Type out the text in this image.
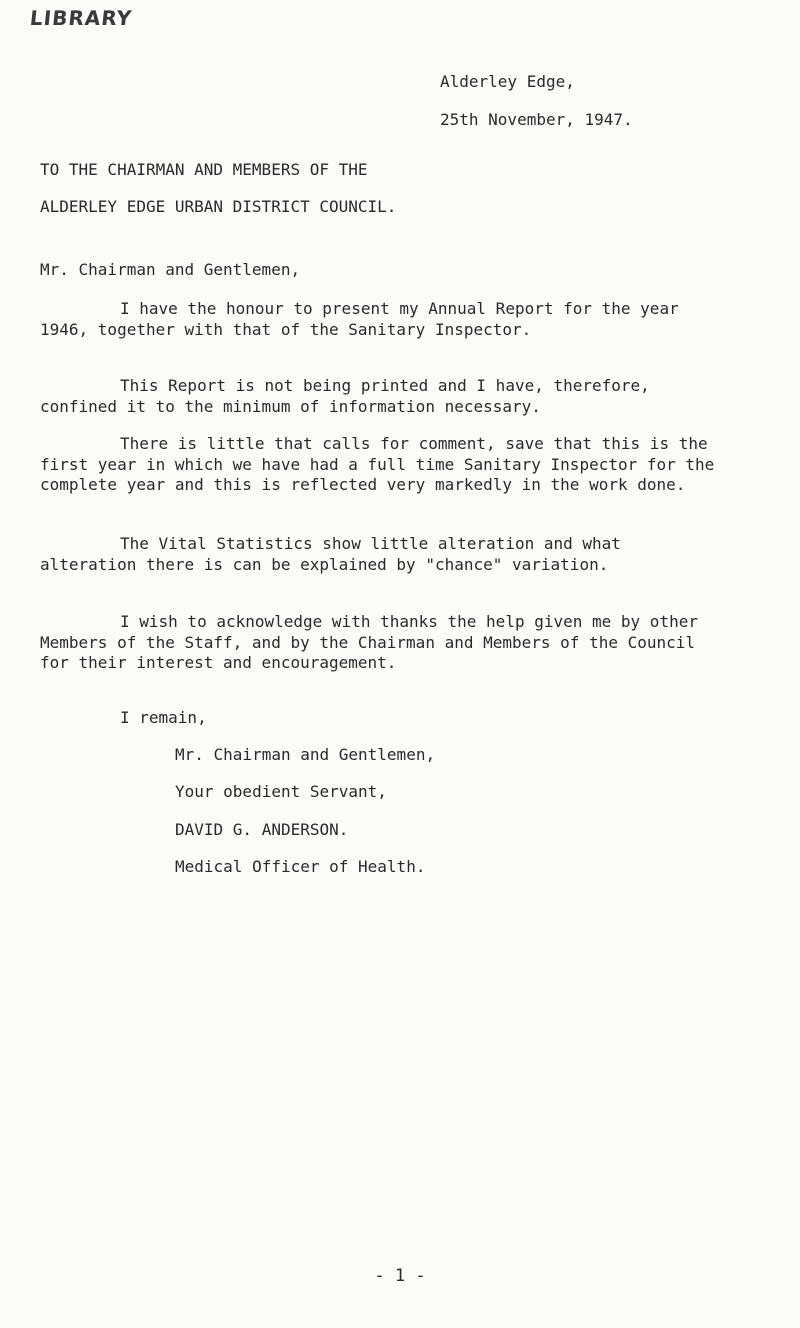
LIBRARY
Alderley Edge,
25th November, 1947.
TO THE CHAIRMAN AND MEMBERS OF THE
ALDERLEY EDGE URBAN DISTRICT COUNCIL.
Mr. Chairman and Gentlemen,
I have the honour to present my Annual Report for the year 1946, together with that of the Sanitary Inspector.
This Report is not being printed and I have, therefore, confined it to the minimum of information necessary.
There is little that calls for comment, save that this is the first year in which we have had a full time Sanitary Inspector for the complete year and this is reflected very markedly in the work done.
The Vital Statistics show little alteration and what alteration there is can be explained by "chance" variation.
I wish to acknowledge with thanks the help given me by other Members of the Staff, and by the Chairman and Members of the Council for their interest and encouragement.
I remain,
Mr. Chairman and Gentlemen,
Your obedient Servant,
DAVID G. ANDERSON.
Medical Officer of Health.
- 1 -
